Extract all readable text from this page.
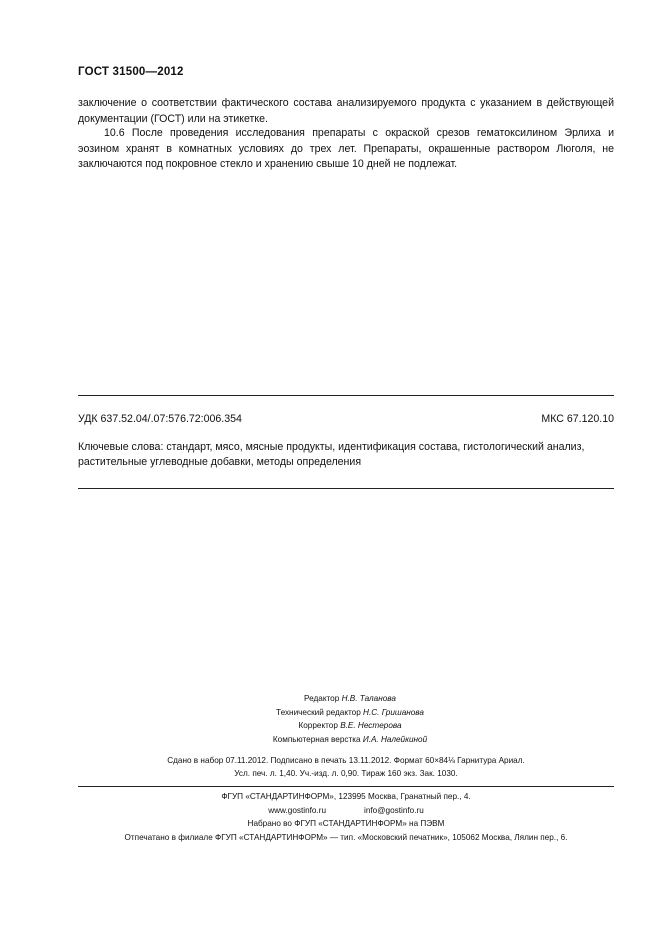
ГОСТ 31500—2012
заключение о соответствии фактического состава анализируемого продукта с указанием в действующей документации (ГОСТ) или на этикетке.
10.6 После проведения исследования препараты с окраской срезов гематоксилином Эрлиха и эозином хранят в комнатных условиях до трех лет. Препараты, окрашенные раствором Люголя, не заключаются под покровное стекло и хранению свыше 10 дней не подлежат.
УДК 637.52.04/.07:576.72:006.354	МКС 67.120.10
Ключевые слова: стандарт, мясо, мясные продукты, идентификация состава, гистологический анализ, растительные углеводные добавки, методы определения
Редактор Н.В. Таланова
Технический редактор Н.С. Гришанова
Корректор В.Е. Нестерова
Компьютерная верстка И.А. Налейкиной
Сдано в набор 07.11.2012. Подписано в печать 13.11.2012. Формат 60×84⅛ Гарнитура Ариал.
Усл. печ. л. 1,40. Уч.-изд. л. 0,90. Тираж 160 экз. Зак. 1030.
ФГУП «СТАНДАРТИНФОРМ», 123995 Москва, Гранатный пер., 4.
www.gostinfo.ru	info@gostinfo.ru
Набрано во ФГУП «СТАНДАРТИНФОРМ» на ПЭВМ
Отпечатано в филиале ФГУП «СТАНДАРТИНФОРМ» — тип. «Московский печатник», 105062 Москва, Лялин пер., 6.
